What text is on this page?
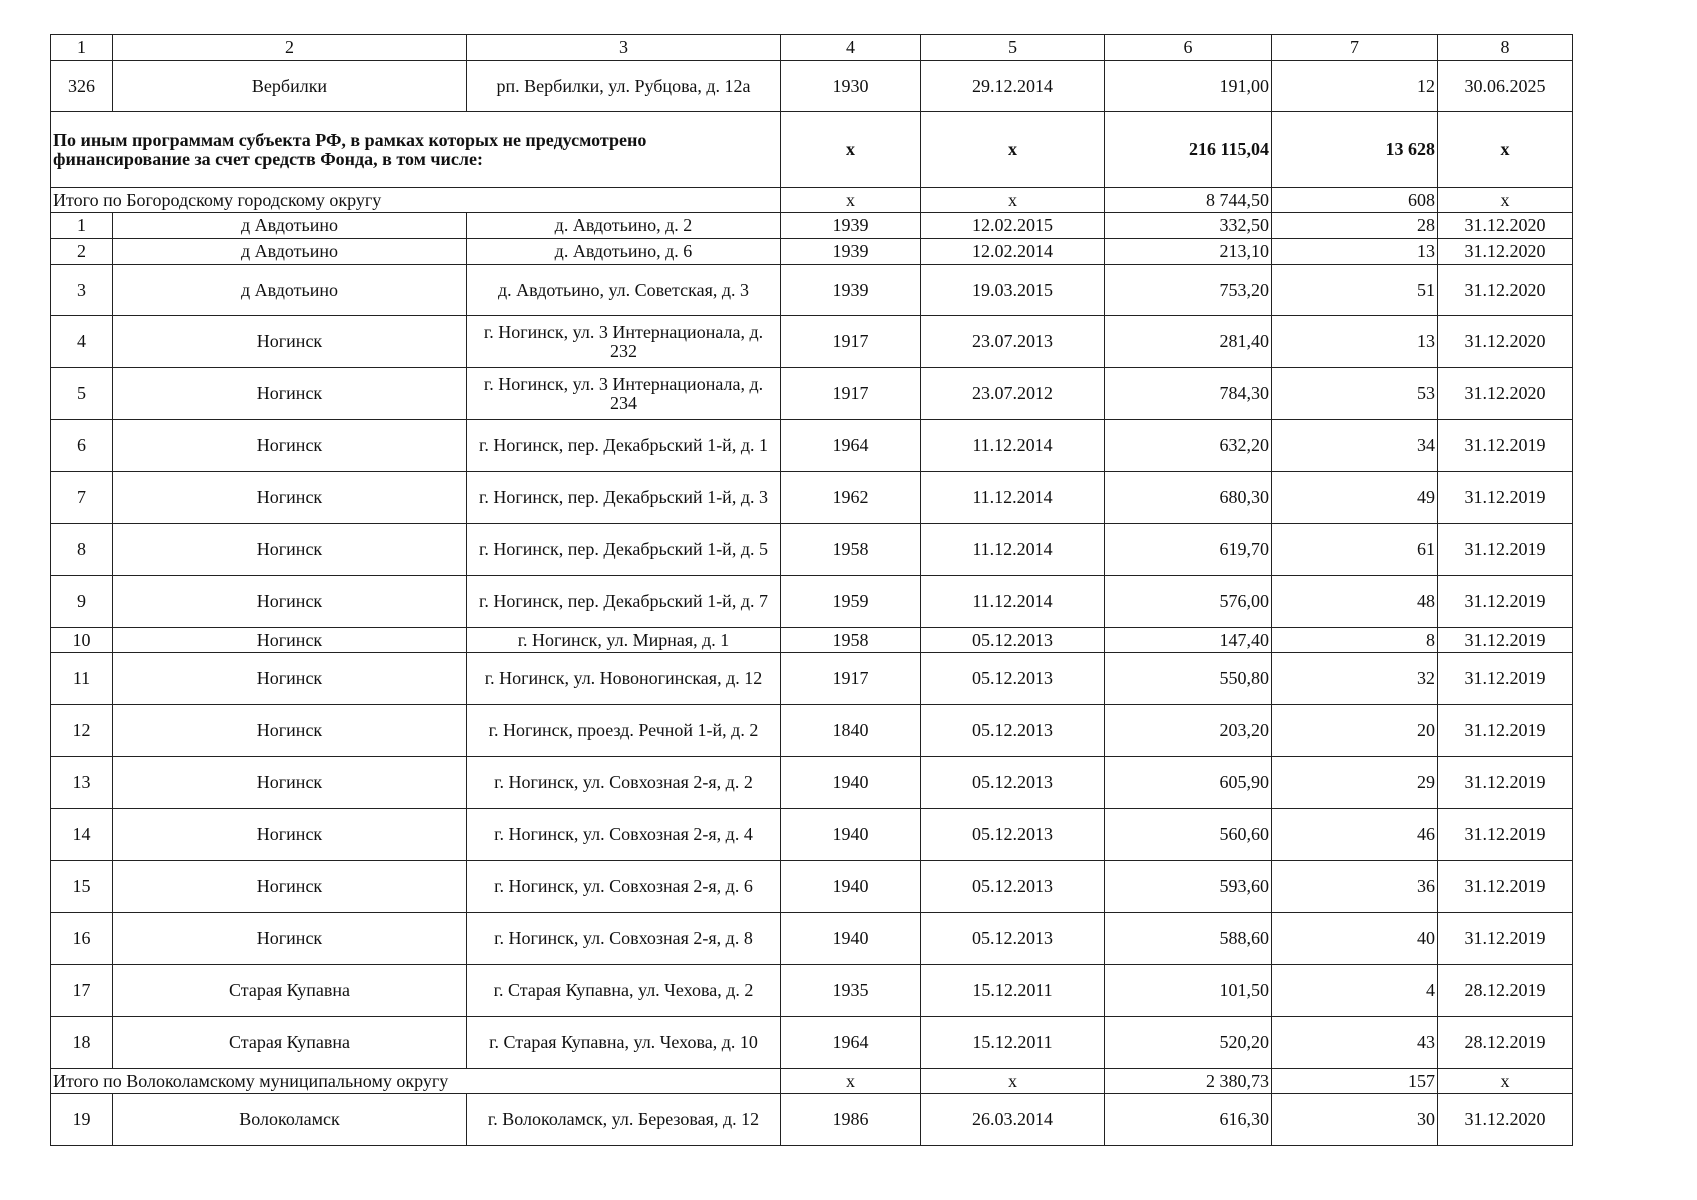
1	2	3	4	5	6	7	8
326	Вербилки	рп. Вербилки, ул. Рубцова, д. 12а	1930	29.12.2014	191,00	12	30.06.2025
По иным программам субъекта РФ, в рамках которых не предусмотрено финансирование за счет средств Фонда, в том числе:			x	x	216 115,04	13 628	x
Итого по Богородскому городскому округу			x	x	8 744,50	608	x
1	д Авдотьино	д. Авдотьино, д. 2	1939	12.02.2015	332,50	28	31.12.2020
2	д Авдотьино	д. Авдотьино, д. 6	1939	12.02.2014	213,10	13	31.12.2020
3	д Авдотьино	д. Авдотьино, ул. Советская, д. 3	1939	19.03.2015	753,20	51	31.12.2020
4	Ногинск	г. Ногинск, ул. 3 Интернационала, д. 232	1917	23.07.2013	281,40	13	31.12.2020
5	Ногинск	г. Ногинск, ул. 3 Интернационала, д. 234	1917	23.07.2012	784,30	53	31.12.2020
6	Ногинск	г. Ногинск, пер. Декабрьский 1-й, д. 1	1964	11.12.2014	632,20	34	31.12.2019
7	Ногинск	г. Ногинск, пер. Декабрьский 1-й, д. 3	1962	11.12.2014	680,30	49	31.12.2019
8	Ногинск	г. Ногинск, пер. Декабрьский 1-й, д. 5	1958	11.12.2014	619,70	61	31.12.2019
9	Ногинск	г. Ногинск, пер. Декабрьский 1-й, д. 7	1959	11.12.2014	576,00	48	31.12.2019
10	Ногинск	г. Ногинск, ул. Мирная, д. 1	1958	05.12.2013	147,40	8	31.12.2019
11	Ногинск	г. Ногинск, ул. Новоногинская, д. 12	1917	05.12.2013	550,80	32	31.12.2019
12	Ногинск	г. Ногинск, проезд. Речной 1-й, д. 2	1840	05.12.2013	203,20	20	31.12.2019
13	Ногинск	г. Ногинск, ул. Совхозная 2-я, д. 2	1940	05.12.2013	605,90	29	31.12.2019
14	Ногинск	г. Ногинск, ул. Совхозная 2-я, д. 4	1940	05.12.2013	560,60	46	31.12.2019
15	Ногинск	г. Ногинск, ул. Совхозная 2-я, д. 6	1940	05.12.2013	593,60	36	31.12.2019
16	Ногинск	г. Ногинск, ул. Совхозная 2-я, д. 8	1940	05.12.2013	588,60	40	31.12.2019
17	Старая Купавна	г. Старая Купавна, ул. Чехова, д. 2	1935	15.12.2011	101,50	4	28.12.2019
18	Старая Купавна	г. Старая Купавна, ул. Чехова, д. 10	1964	15.12.2011	520,20	43	28.12.2019
Итого по Волоколамскому муниципальному округу			x	x	2 380,73	157	x
19	Волоколамск	г. Волоколамск, ул. Березовая, д. 12	1986	26.03.2014	616,30	30	31.12.2020
